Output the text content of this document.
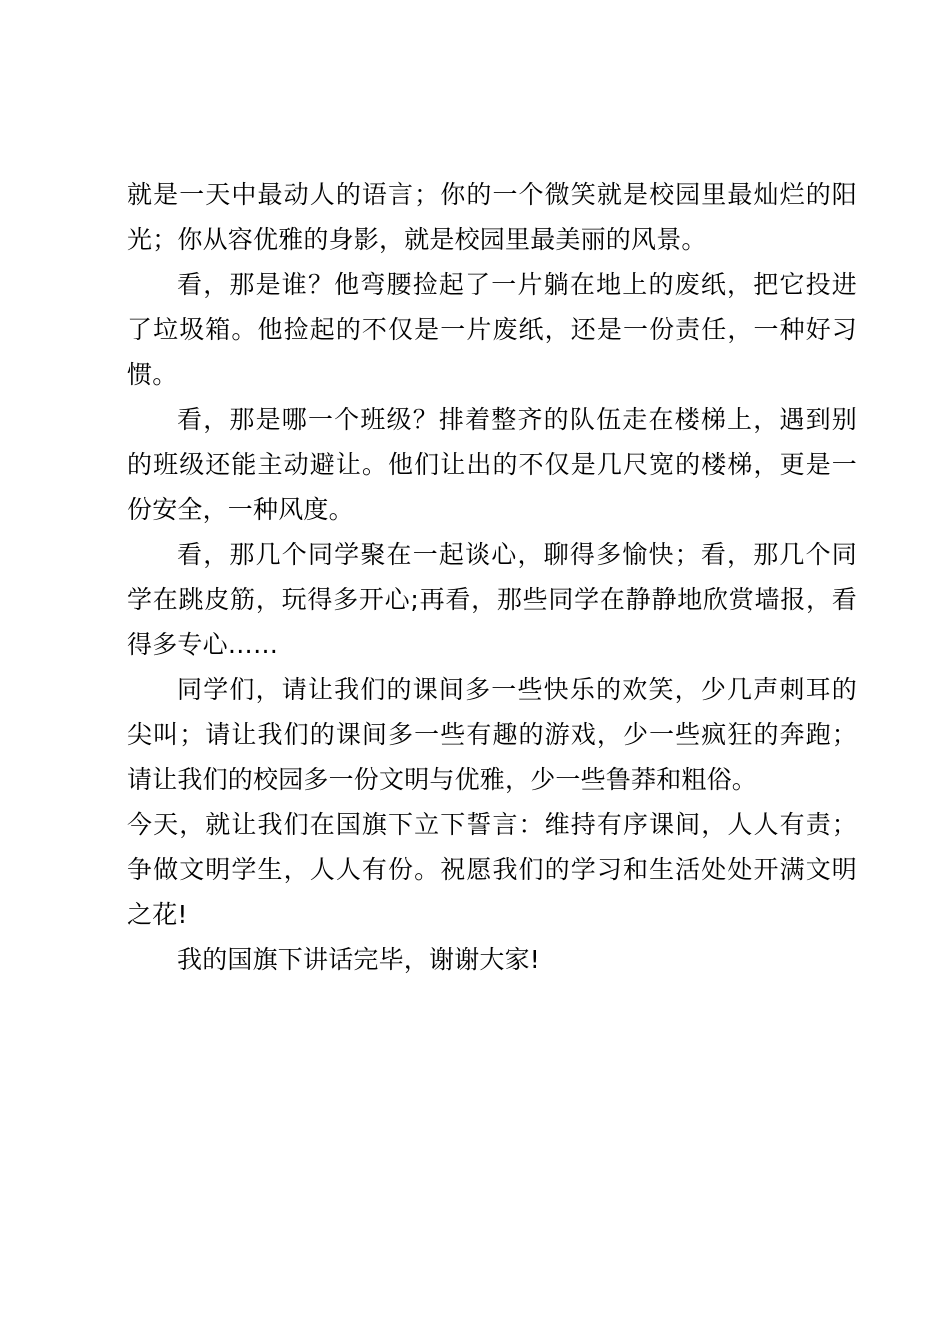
就是一天中最动人的语言；你的一个微笑就是校园里最灿烂的阳光；你从容优雅的身影，就是校园里最美丽的风景。

看，那是谁？他弯腰捡起了一片躺在地上的废纸，把它投进了垃圾箱。他捡起的不仅是一片废纸，还是一份责任，一种好习惯。

看，那是哪一个班级？排着整齐的队伍走在楼梯上，遇到别的班级还能主动避让。他们让出的不仅是几尺宽的楼梯，更是一份安全，一种风度。

看，那几个同学聚在一起谈心，聊得多愉快；看，那几个同学在跳皮筋，玩得多开心;再看，那些同学在静静地欣赏墙报，看得多专心……

同学们，请让我们的课间多一些快乐的欢笑，少几声刺耳的尖叫；请让我们的课间多一些有趣的游戏，少一些疯狂的奔跑；请让我们的校园多一份文明与优雅，少一些鲁莽和粗俗。

今天，就让我们在国旗下立下誓言：维持有序课间，人人有责；争做文明学生，人人有份。祝愿我们的学习和生活处处开满文明之花!

我的国旗下讲话完毕，谢谢大家!
